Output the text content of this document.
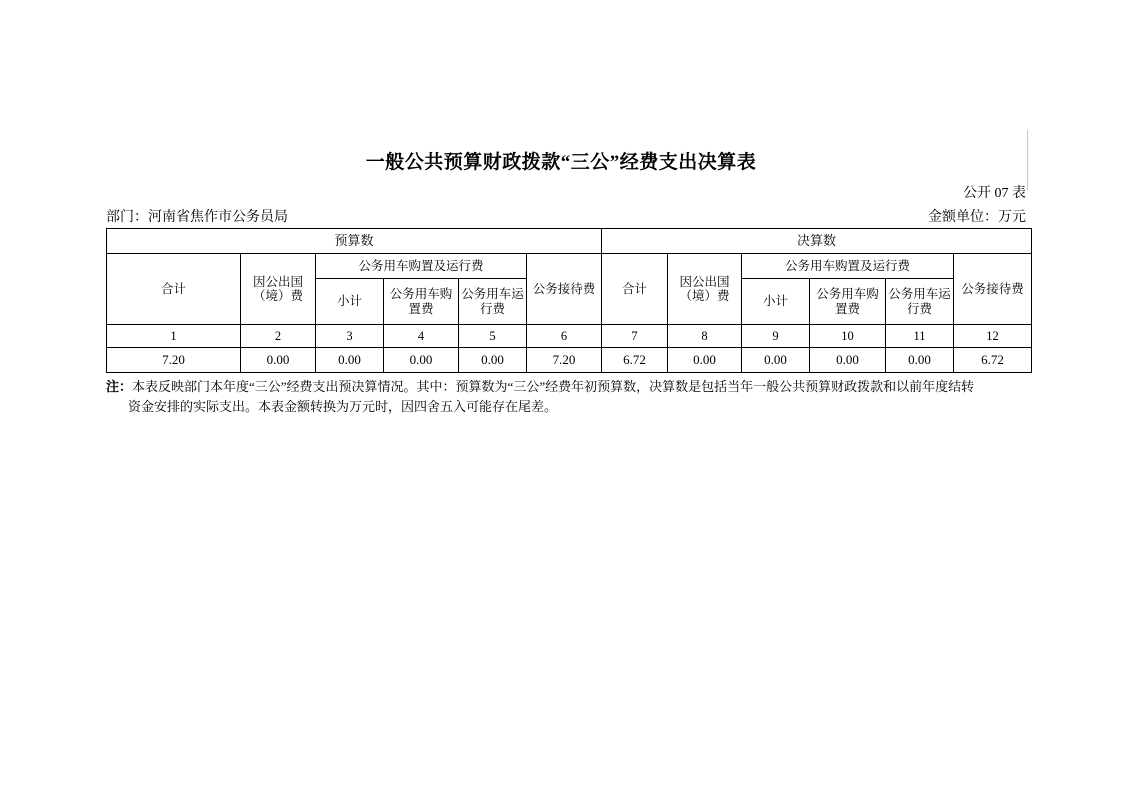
一般公共预算财政拨款“三公”经费支出决算表
公开 07 表
部门：河南省焦作市公务员局	金额单位：万元
预算数						决算数					
合计	因公出国（境）费	公务用车购置及运行费			公务接待费	合计	因公出国（境）费	公务用车购置及运行费			公务接待费
		小计	公务用车购置费	公务用车运行费				小计	公务用车购置费	公务用车运行费	
1	2	3	4	5	6	7	8	9	10	11	12
7.20	0.00	0.00	0.00	0.00	7.20	6.72	0.00	0.00	0.00	0.00	6.72
注：本表反映部门本年度“三公”经费支出预决算情况。其中：预算数为“三公”经费年初预算数，决算数是包括当年一般公共预算财政拨款和以前年度结转
资金安排的实际支出。本表金额转换为万元时，因四舍五入可能存在尾差。
